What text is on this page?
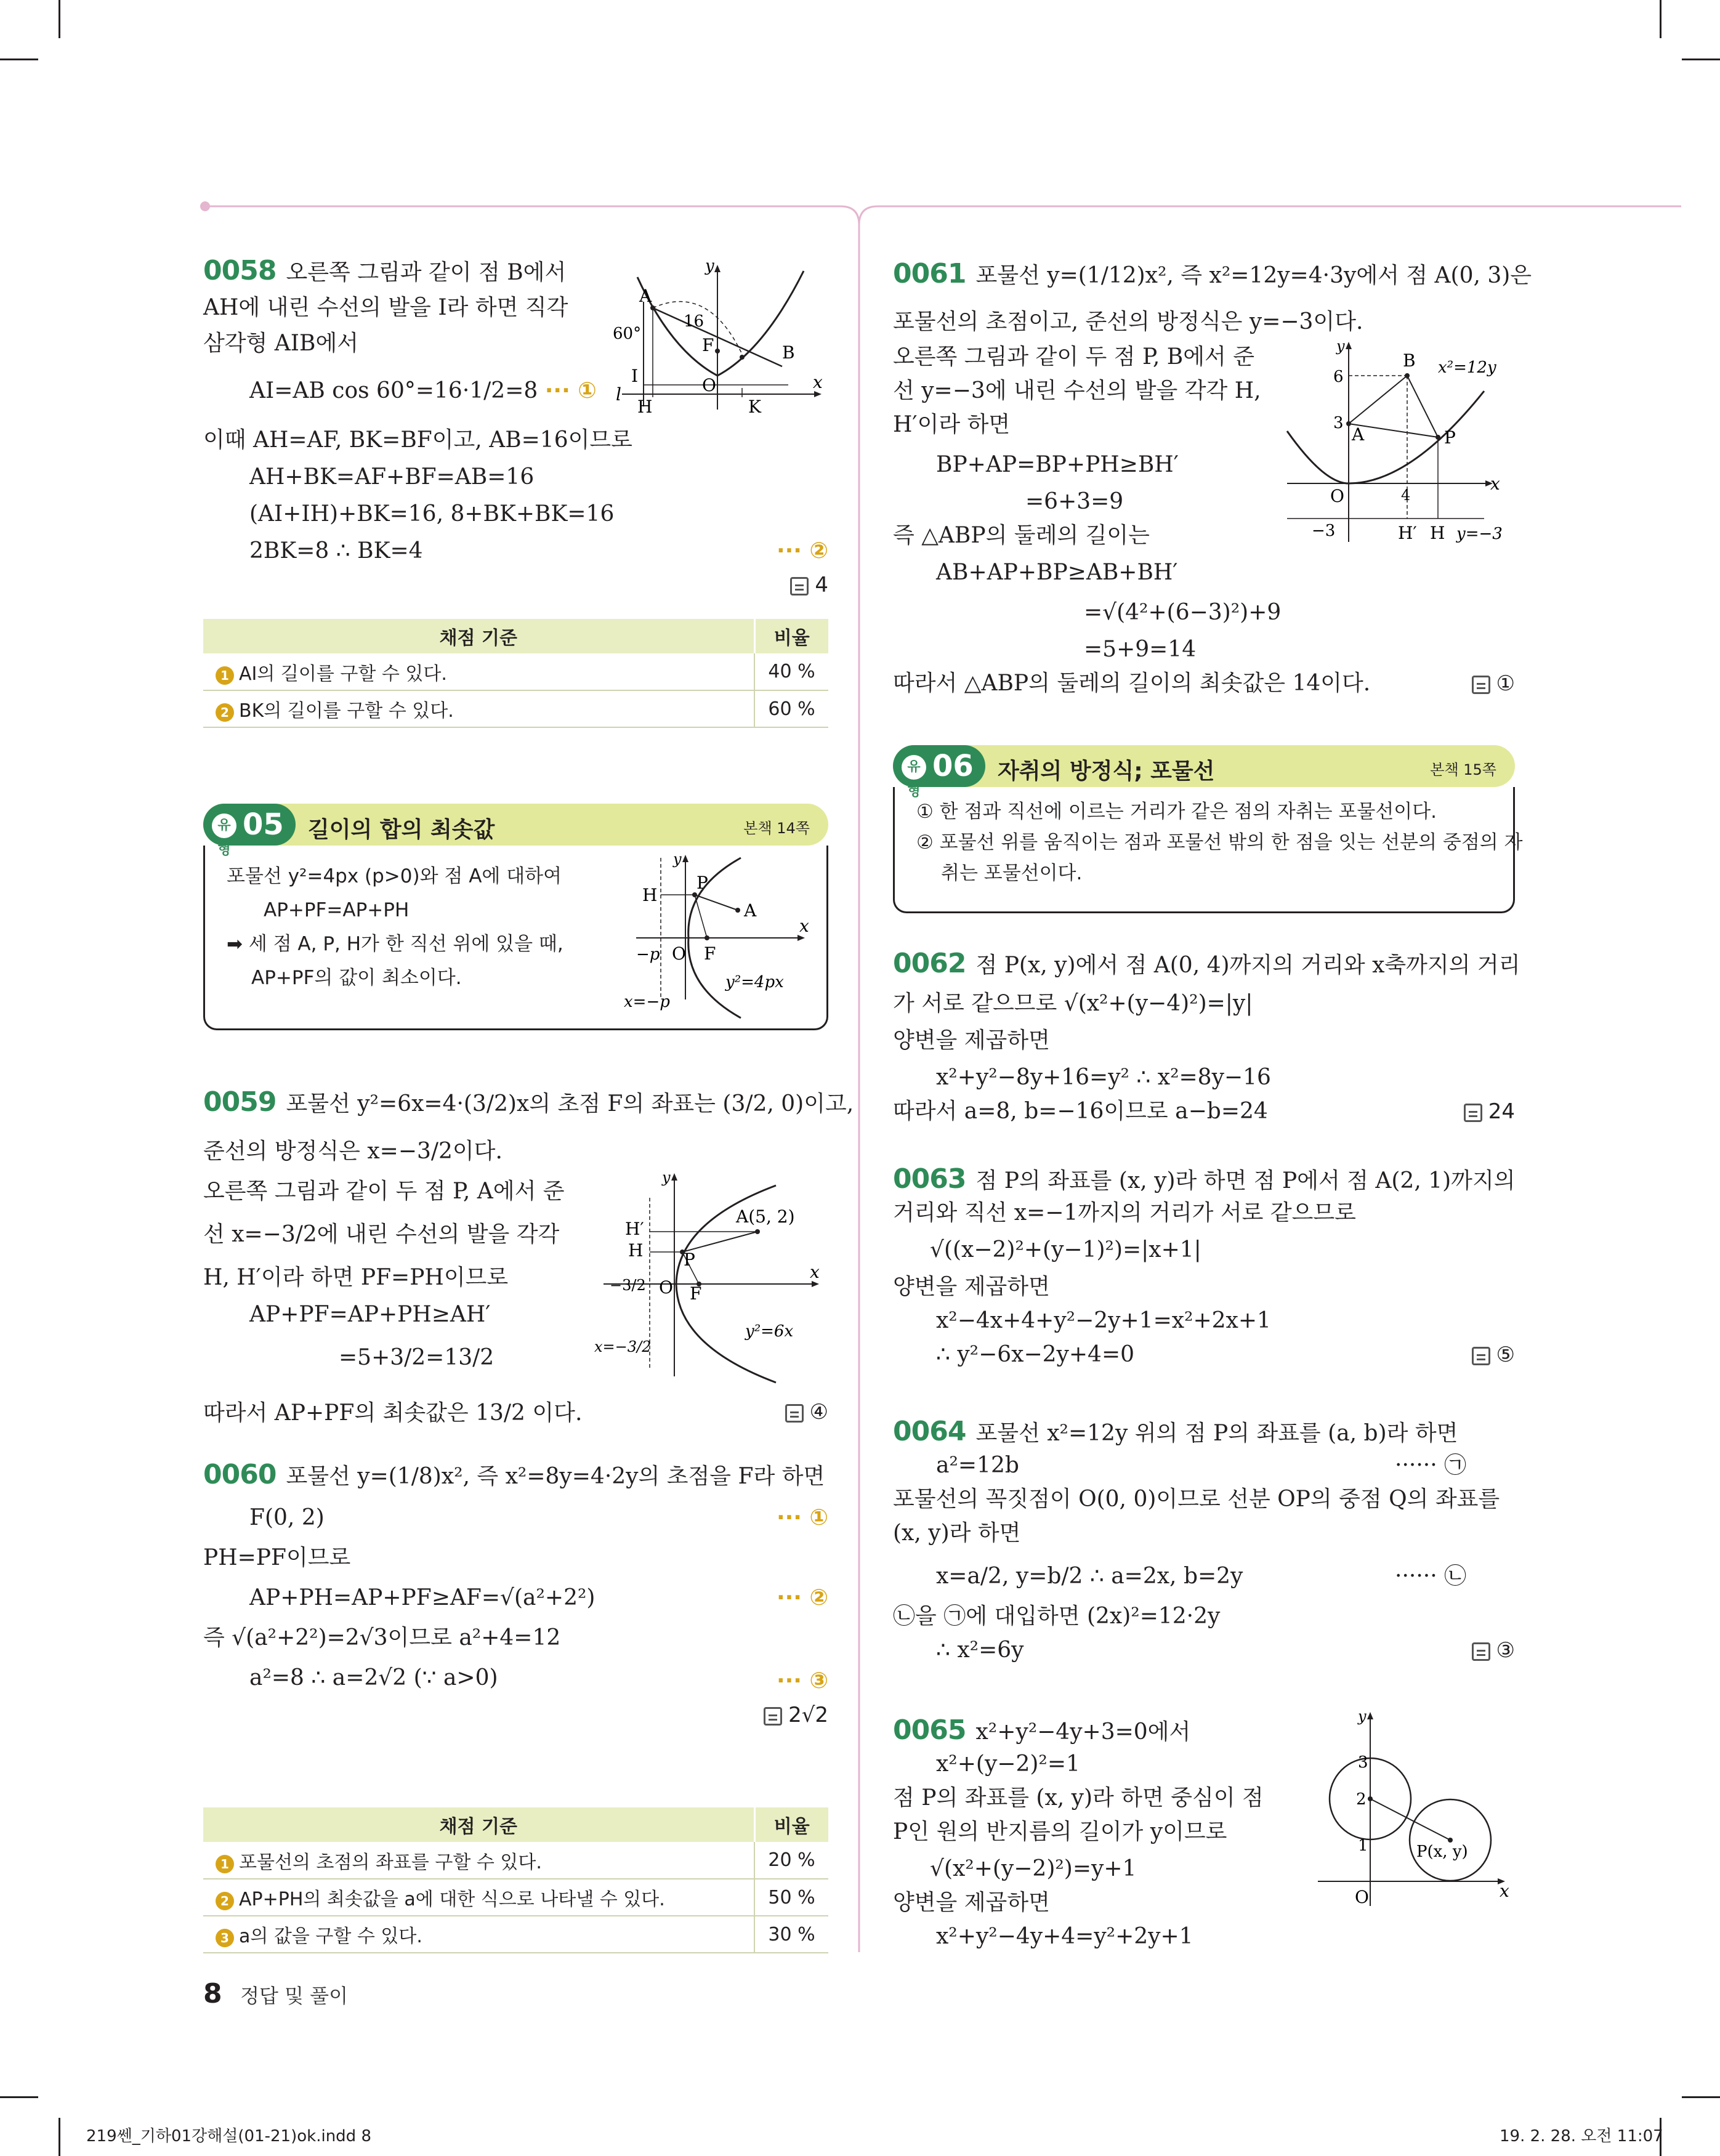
0058 오른쪽 그림과 같이 점 B에서
AH에 내린 수선의 발을 I라 하면 직각
삼각형 AIB에서
AI=AB cos 60°=16·1/2=8 ··· ①
이때 AH=AF, BK=BF이고, AB=16이므로
AH+BK=AF+BF=AB=16
(AI+IH)+BK=16, 8+BK+BK=16
2BK=8 ∴ BK=4	··· ②
4
A
B
F
O
I
H	K
l
x
y
60°
16
채점 기준	비율
1 AI의 길이를 구할 수 있다.	40 %
2 BK의 길이를 구할 수 있다.	60 %
유형
05 길이의 합의 최솟값	본책 14쪽
포물선 y²=4px (p>0)와 점 A에 대하여
AP+PF=AP+PH
➡ 세 점 A, P, H가 한 직선 위에 있을 때,
AP+PF의 값이 최소이다.
H
P
A
−p O F
x
y
x=−p
y²=4px
0059 포물선 y²=6x=4·(3/2)x의 초점 F의 좌표는 (3/2, 0)이고,
준선의 방정식은 x=−3/2이다.
오른쪽 그림과 같이 두 점 P, A에서 준
선 x=−3/2에 내린 수선의 발을 각각
H, H′이라 하면 PF=PH이므로
AP+PF=AP+PH≥AH′
=5+3/2=13/2
따라서 AP+PF의 최솟값은 13/2 이다.	④
H′
H P
A(5, 2)
−3/2 O F
x
y
x=−3/2
y²=6x
0060 포물선 y=(1/8)x², 즉 x²=8y=4·2y의 초점을 F라 하면
F(0, 2)	··· ①
PH=PF이므로
AP+PH=AP+PF≥AF=√(a²+2²)	··· ②
즉 √(a²+2²)=2√3이므로 a²+4=12
a²=8 ∴ a=2√2 (∵ a>0)	··· ③
2√2
채점 기준	비율
1 포물선의 초점의 좌표를 구할 수 있다.	20 %
2 AP+PH의 최솟값을 a에 대한 식으로 나타낼 수 있다.	50 %
3 a의 값을 구할 수 있다.	30 %
0061 포물선 y=(1/12)x², 즉 x²=12y=4·3y에서 점 A(0, 3)은
포물선의 초점이고, 준선의 방정식은 y=−3이다.
오른쪽 그림과 같이 두 점 P, B에서 준
선 y=−3에 내린 수선의 발을 각각 H,
H′이라 하면
BP+AP=BP+PH≥BH′
=6+3=9
즉 △ABP의 둘레의 길이는
AB+AP+BP≥AB+BH′
=√(4²+(6−3)²)+9
=5+9=14
따라서 △ABP의 둘레의 길이의 최솟값은 14이다.	①
B
A	P
O
H′ H
6
3
4
−3
x
y
x²=12y
y=−3
유형
06 자취의 방정식; 포물선	본책 15쪽
① 한 점과 직선에 이르는 거리가 같은 점의 자취는 포물선이다.
② 포물선 위를 움직이는 점과 포물선 밖의 한 점을 잇는 선분의 중점의 자
취는 포물선이다.
0062 점 P(x, y)에서 점 A(0, 4)까지의 거리와 x축까지의 거리
가 서로 같으므로 √(x²+(y−4)²)=|y|
양변을 제곱하면
x²+y²−8y+16=y² ∴ x²=8y−16
따라서 a=8, b=−16이므로 a−b=24	24
0063 점 P의 좌표를 (x, y)라 하면 점 P에서 점 A(2, 1)까지의
거리와 직선 x=−1까지의 거리가 서로 같으므로
√((x−2)²+(y−1)²)=|x+1|
양변을 제곱하면
x²−4x+4+y²−2y+1=x²+2x+1
∴ y²−6x−2y+4=0	⑤
0064 포물선 x²=12y 위의 점 P의 좌표를 (a, b)라 하면
a²=12b	······ ㉠
포물선의 꼭짓점이 O(0, 0)이므로 선분 OP의 중점 Q의 좌표를
(x, y)라 하면
x=a/2, y=b/2 ∴ a=2x, b=2y	······ ㉡
㉡을 ㉠에 대입하면 (2x)²=12·2y
∴ x²=6y	③
0065 x²+y²−4y+3=0에서
x²+(y−2)²=1
점 P의 좌표를 (x, y)라 하면 중심이 점
P인 원의 반지름의 길이가 y이므로
√(x²+(y−2)²)=y+1
양변을 제곱하면
x²+y²−4y+4=y²+2y+1
3
2
1
O
P(x, y)
x
y
8 정답 및 풀이
219쎈_기하01강해설(01-21)ok.indd 8	19. 2. 28. 오전 11:07
